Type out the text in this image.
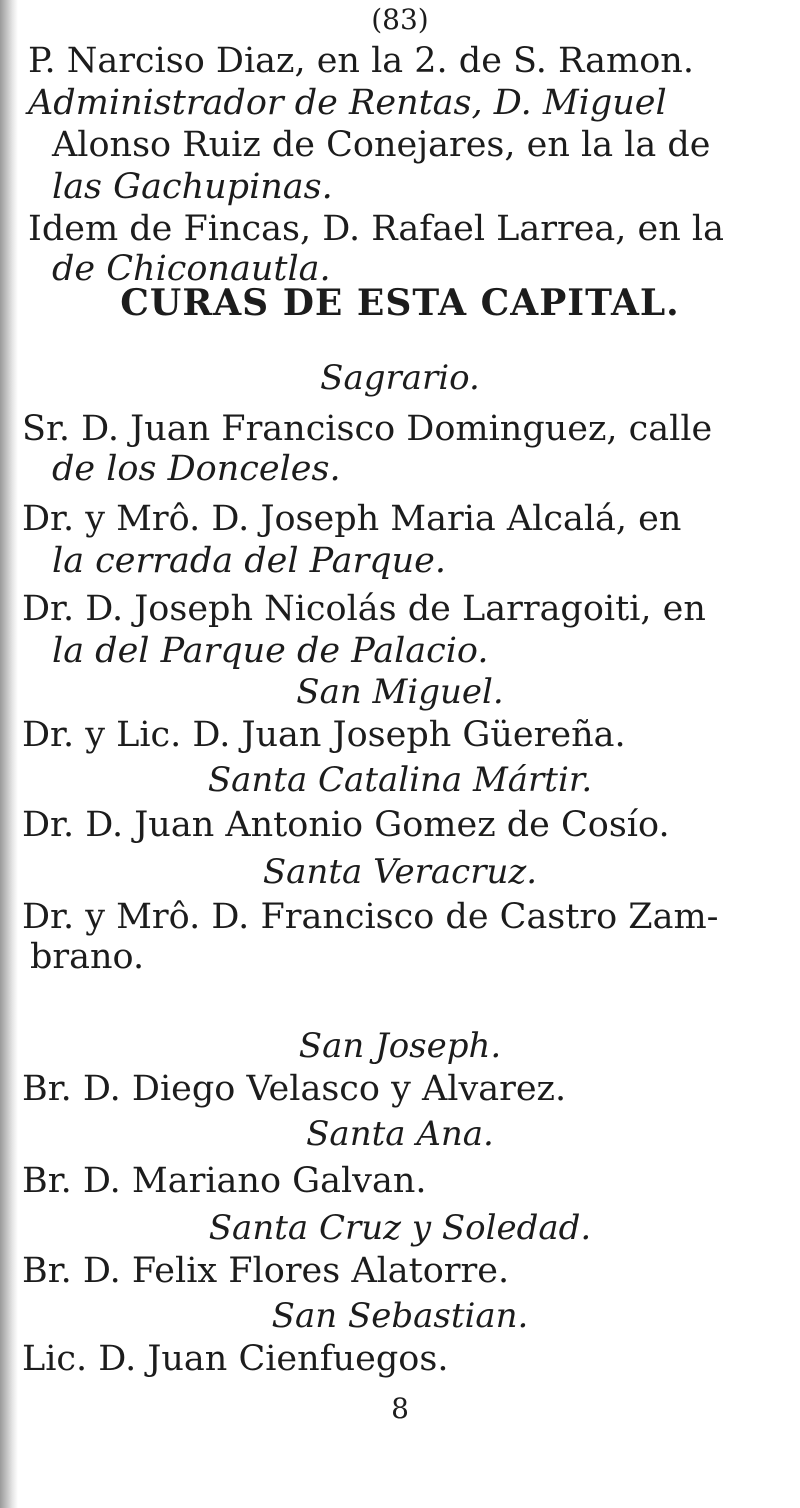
(83)
P. Narciso Diaz, en la 2. de S. Ramon.
Administrador de Rentas, D. Miguel
Alonso Ruiz de Conejares, en la la de
las Gachupinas.
Idem de Fincas, D. Rafael Larrea, en la
de Chiconautla.
CURAS DE ESTA CAPITAL.
Sagrario.
Sr. D. Juan Francisco Dominguez, calle
de los Donceles.
Dr. y Mrô. D. Joseph Maria Alcalá, en
la cerrada del Parque.
Dr. D. Joseph Nicolás de Larragoiti, en
la del Parque de Palacio.
San Miguel.
Dr. y Lic. D. Juan Joseph Güereña.
Santa Catalina Mártir.
Dr. D. Juan Antonio Gomez de Cosío.
Santa Veracruz.
Dr. y Mrô. D. Francisco de Castro Zam-
brano.
San Joseph.
Br. D. Diego Velasco y Alvarez.
Santa Ana.
Br. D. Mariano Galvan.
Santa Cruz y Soledad.
Br. D. Felix Flores Alatorre.
San Sebastian.
Lic. D. Juan Cienfuegos.
8
